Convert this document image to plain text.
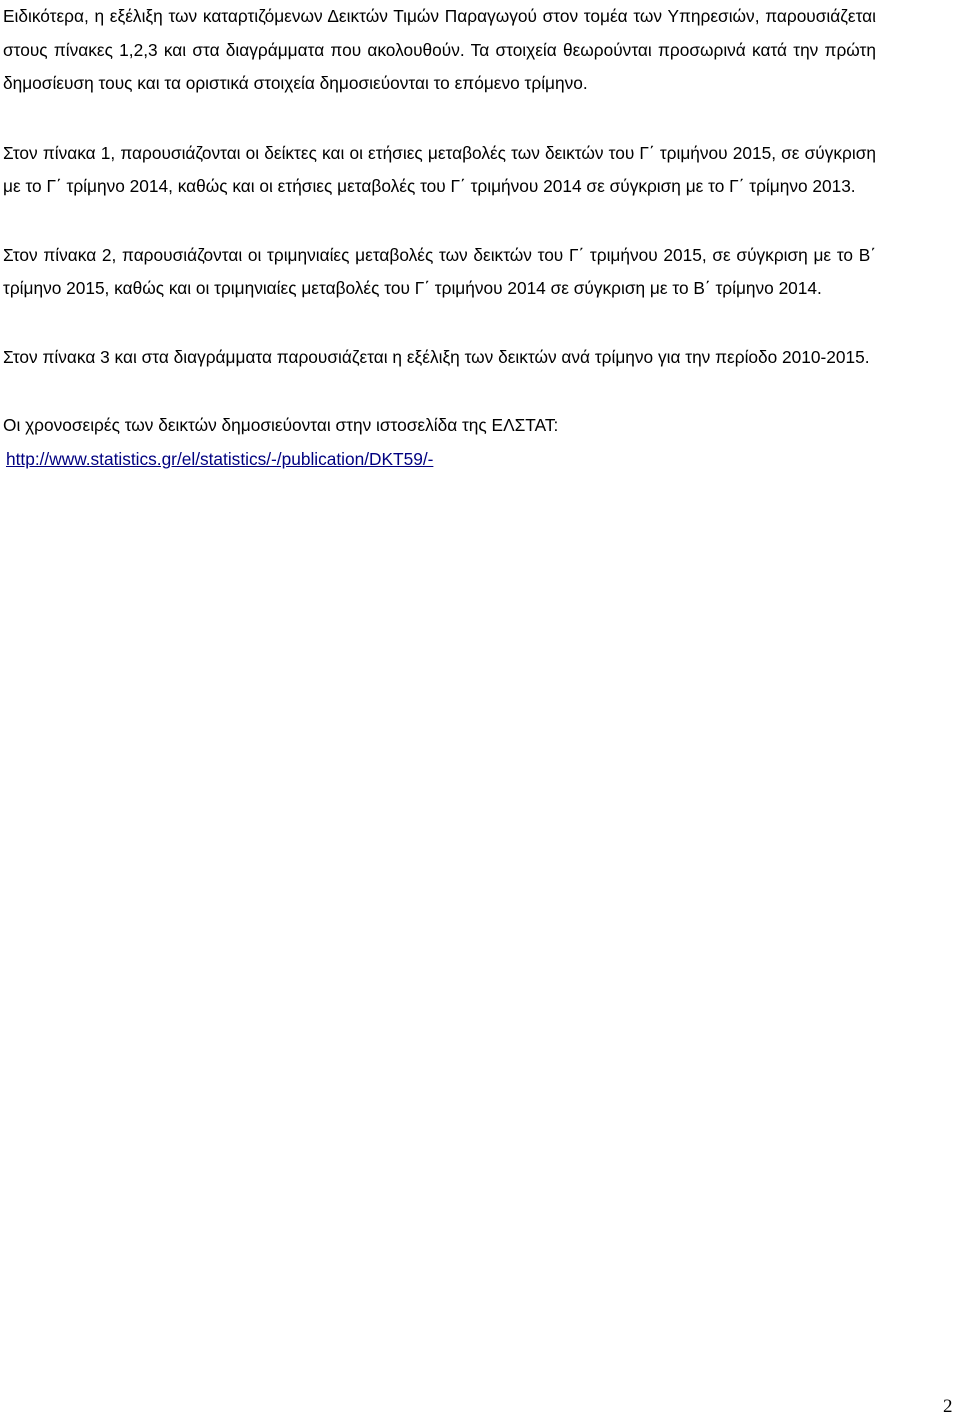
Ειδικότερα, η εξέλιξη των καταρτιζόμενων Δεικτών Τιμών Παραγωγού στον τομέα των Υπηρεσιών, παρουσιάζεται στους πίνακες 1,2,3 και στα διαγράμματα που ακολουθούν. Τα στοιχεία θεωρούνται προσωρινά κατά την πρώτη δημοσίευση τους και τα οριστικά στοιχεία δημοσιεύονται το επόμενο τρίμηνο.

Στον πίνακα 1, παρουσιάζονται οι δείκτες και οι ετήσιες μεταβολές των δεικτών του Γ΄ τριμήνου 2015, σε σύγκριση με το Γ΄ τρίμηνο 2014, καθώς και οι ετήσιες μεταβολές του Γ΄ τριμήνου 2014 σε σύγκριση με το Γ΄ τρίμηνο 2013.

Στον πίνακα 2, παρουσιάζονται οι τριμηνιαίες μεταβολές των δεικτών του Γ΄ τριμήνου 2015, σε σύγκριση με το Β΄ τρίμηνο 2015, καθώς και οι τριμηνιαίες μεταβολές του Γ΄ τριμήνου 2014 σε σύγκριση με το Β΄ τρίμηνο 2014.

Στον πίνακα 3 και στα διαγράμματα παρουσιάζεται η εξέλιξη των δεικτών ανά τρίμηνο για την περίοδο 2010-2015.

Οι χρονοσειρές των δεικτών δημοσιεύονται στην ιστοσελίδα της ΕΛΣΤΑΤ:

http://www.statistics.gr/el/statistics/-/publication/DKT59/-

2
